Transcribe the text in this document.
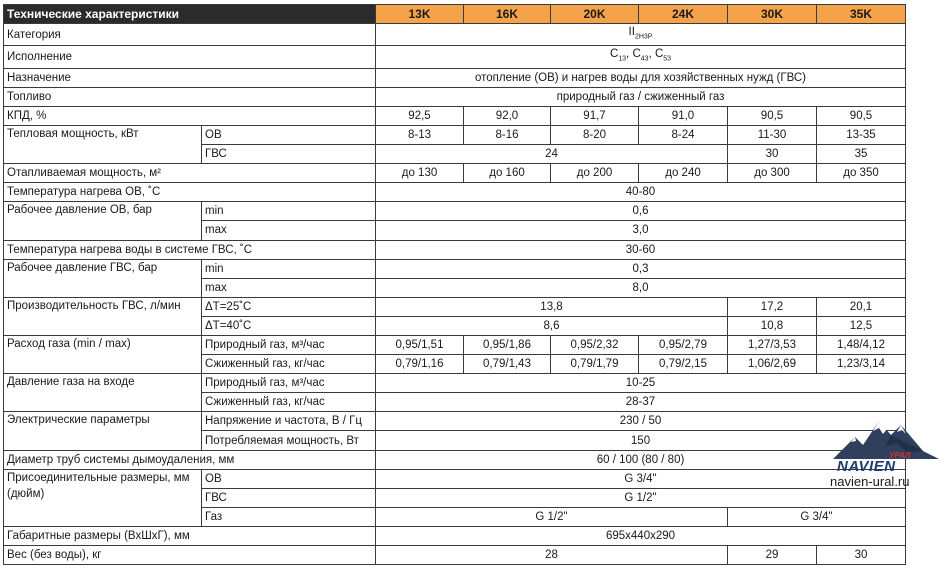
Технические характеристики		13K	16K	20K	24K	30K	35K
Категория		$II_{2H3P}$
Исполнение		$C_{13}$, $C_{43}$, $C_{53}$
Назначение		отопление (ОВ) и нагрев воды для хозяйственных нужд (ГВС)					
Топливо		природный газ / сжиженный газ					
КПД, %		92,5	92,0	91,7	91,0	90,5	90,5
Тепловая мощность, кВт	ОВ	8-13	8-16	8-20	8-24	11-30	13-35
	ГВС	24				30	35
Отапливаемая мощность, м²		до 130	до 160	до 200	до 240	до 300	до 350
Температура нагрева ОВ, ˚С		40-80					
Рабочее давление ОВ, бар	min	0,6					
	max	3,0					
Температура нагрева воды в системе ГВС, ˚С		30-60					
Рабочее давление ГВС, бар	min	0,3					
	max	8,0					
Производительность ГВС, л/мин	ΔT=25˚С	13,8				17,2	20,1
	ΔT=40˚С	8,6				10,8	12,5
Расход газа (min / max)	Природный газ, м³/час	0,95/1,51	0,95/1,86	0,95/2,32	0,95/2,79	1,27/3,53	1,48/4,12
	Сжиженный газ, кг/час	0,79/1,16	0,79/1,43	0,79/1,79	0,79/2,15	1,06/2,69	1,23/3,14
Давление газа на входе	Природный газ, м³/час	10-25					
	Сжиженный газ, кг/час	28-37					
Электрические параметры	Напряжение и частота, В / Гц	230 / 50					
	Потребляемая мощность, Вт	150					
Диаметр труб системы дымоудаления, мм		60 / 100 (80 / 80)					
Присоединительные размеры, мм (дюйм)	ОВ	G 3/4"					
	ГВС	G 1/2"					
	Газ	G 1/2"				G 3/4"	
Габаритные размеры (ВхШхГ), мм		695x440x290					
Вес (без воды), кг		28				29	30
УРАЛ
NAVIEN
navien-ural.ru
